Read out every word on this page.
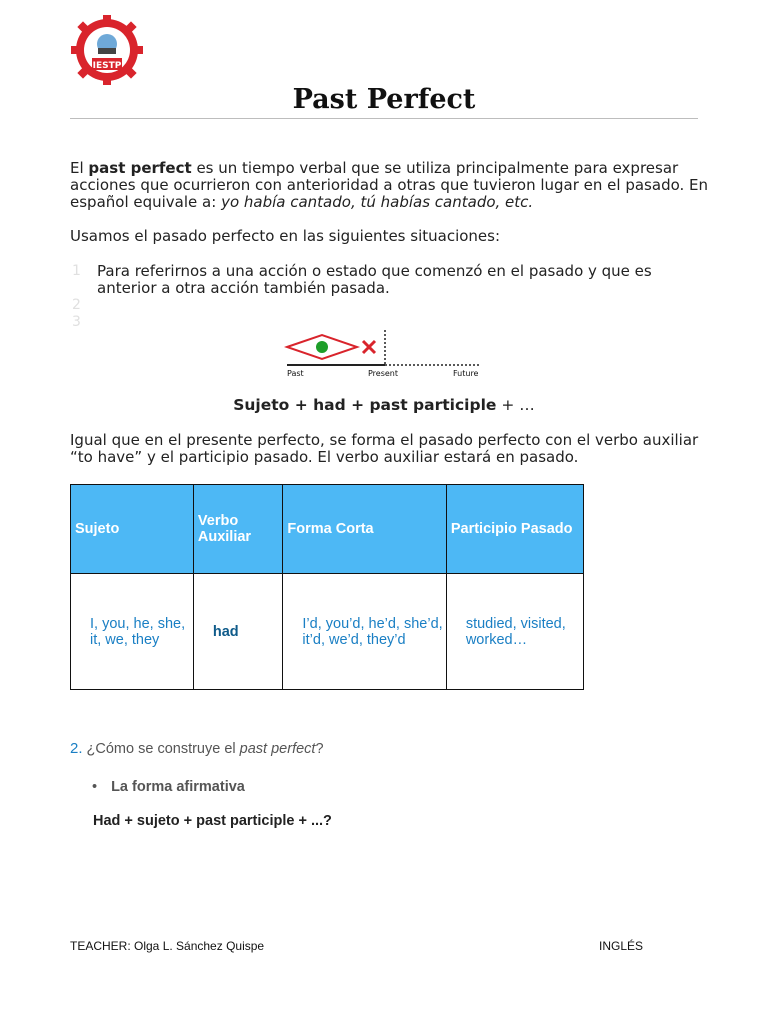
IESTP
Past Perfect
El past perfect es un tiempo verbal que se utiliza principalmente para expresar acciones que ocurrieron con anterioridad a otras que tuvieron lugar en el pasado. En español equivale a: yo había cantado, tú habías cantado, etc.
Usamos el pasado perfecto en las siguientes situaciones:
1
2
3
Para referirnos a una acción o estado que comenzó en el pasado y que es anterior a otra acción también pasada.
Past	Present	Future
Sujeto + had + past participle + …
Igual que en el presente perfecto, se forma el pasado perfecto con el verbo auxiliar “to have” y el participio pasado. El verbo auxiliar estará en pasado.
Sujeto	Verbo Auxiliar	Forma Corta	Participio Pasado

I, you, he, she, it, we, they	had	I’d, you’d, he’d, she’d, it’d, we’d, they’d	studied, visited, worked…
2. ¿Cómo se construye el past perfect?
• La forma afirmativa
Had + sujeto + past participle + ...?
TEACHER: Olga L. Sánchez Quispe	INGLÉS
